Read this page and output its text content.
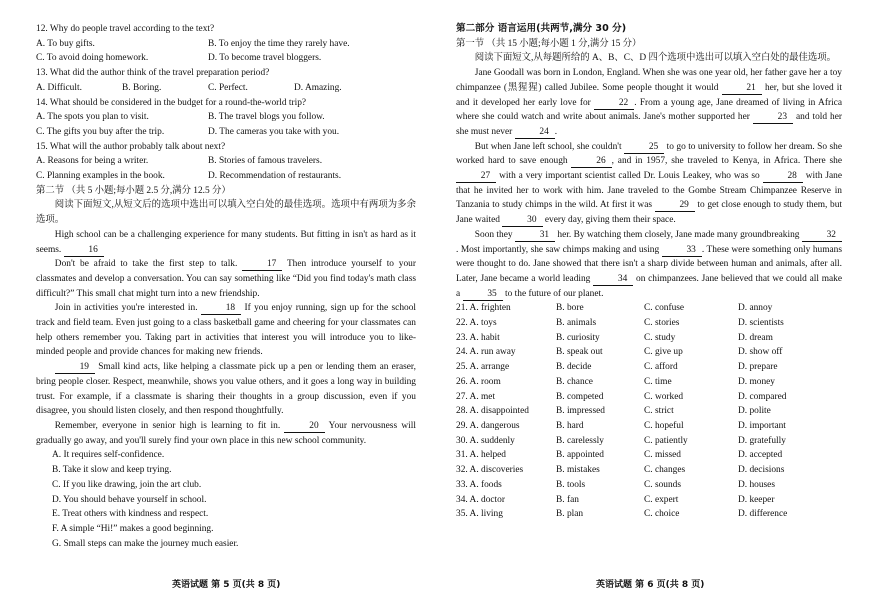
12. Why do people travel according to the text?

A. To buy gifts.	B. To enjoy the time they rarely have.
C. To avoid doing homework.	D. To become travel bloggers.

13. What did the author think of the travel preparation period?

A. Difficult.	B. Boring.	C. Perfect.	D. Amazing.

14. What should be considered in the budget for a round-the-world trip?

A. The spots you plan to visit.	B. The travel blogs you follow.
C. The gifts you buy after the trip.	D. The cameras you take with you.

15. What will the author probably talk about next?

A. Reasons for being a writer.	B. Stories of famous travelers.
C. Planning examples in the book.	D. Recommendation of restaurants.

第二节 （共 5 小题;每小题 2.5 分,满分 12.5 分）

阅读下面短文,从短文后的选项中选出可以填入空白处的最佳选项。选项中有两项为多余选项。

High school can be a challenging experience for many students. But fitting in isn't as hard as it seems.	16

Don't be afraid to take the first step to talk.	17 Then introduce yourself to your classmates and develop a conversation. You can say something like “Did you find today's math class difficult?” This small chat might turn into a new friendship.

Join in activities you're interested in.	18 If you enjoy running, sign up for the school track and field team. Even just going to a class basketball game and cheering for your classmates can help others remember you. Taking part in activities that interest you will introduce you to like-minded people and provide chances for making new friends.

19 Small kind acts, like helping a classmate pick up a pen or lending them an eraser, bring people closer. Respect, meanwhile, shows you value others, and it goes a long way in building trust. For example, if a classmate is sharing their thoughts in a group discussion, even if you disagree, you should listen closely, and then respond thoughtfully.

Remember, everyone in senior high is learning to fit in.	20 Your nervousness will gradually go away, and you'll surely find your own place in this new school community.

A. It requires self-confidence.

B. Take it slow and keep trying.

C. If you like drawing, join the art club.

D. You should behave yourself in school.

E. Treat others with kindness and respect.

F. A simple “Hi!” makes a good beginning.

G. Small steps can make the journey much easier.

英语试题 第 5 页(共 8 页)

第二部分 语言运用(共两节,满分 30 分)

第一节 （共 15 小题;每小题 1 分,满分 15 分）

阅读下面短文,从每题所给的 A、B、C、D 四个选项中选出可以填入空白处的最佳选项。

Jane Goodall was born in London, England. When she was one year old, her father gave her a toy chimpanzee (黑猩猩) called Jubilee. Some people thought it would	21 her, but she loved it and it developed her early love for	22 . From a young age, Jane dreamed of living in Africa where she could watch and write about animals. Jane's mother supported her	23 and told her she must never	24 .

But when Jane left school, she couldn't	25 to go to university to follow her dream. So she worked hard to save enough	26 , and in 1957, she traveled to Kenya, in Africa. There she 27 with a very important scientist called Dr. Louis Leakey, who was so	28 with Jane that he invited her to work with him. Jane traveled to the Gombe Stream Chimpanzee Reserve in Tanzania to study chimps in the wild. At first it was	29 to get close enough to study them, but Jane waited	30 every day, giving them their space.

Soon they	31 her. By watching them closely, Jane made many groundbreaking	32. Most importantly, she saw chimps making and using	33 . These were something only humans were thought to do. Jane showed that there isn't a sharp divide between human and animals, after all. Later, Jane became a world leading	34 on chimpanzees. Jane believed that we could all make a	35 to the future of our planet.

21. A. frighten	B. bore	C. confuse	D. annoy
22. A. toys	B. animals	C. stories	D. scientists
23. A. habit	B. curiosity	C. study	D. dream
24. A. run away	B. speak out	C. give up	D. show off
25. A. arrange	B. decide	C. afford	D. prepare
26. A. room	B. chance	C. time	D. money
27. A. met	B. competed	C. worked	D. compared
28. A. disappointed	B. impressed	C. strict	D. polite
29. A. dangerous	B. hard	C. hopeful	D. important
30. A. suddenly	B. carelessly	C. patiently	D. gratefully
31. A. helped	B. appointed	C. missed	D. accepted
32. A. discoveries	B. mistakes	C. changes	D. decisions
33. A. foods	B. tools	C. sounds	D. houses
34. A. doctor	B. fan	C. expert	D. keeper
35. A. living	B. plan	C. choice	D. difference
英语试题 第 6 页(共 8 页)
